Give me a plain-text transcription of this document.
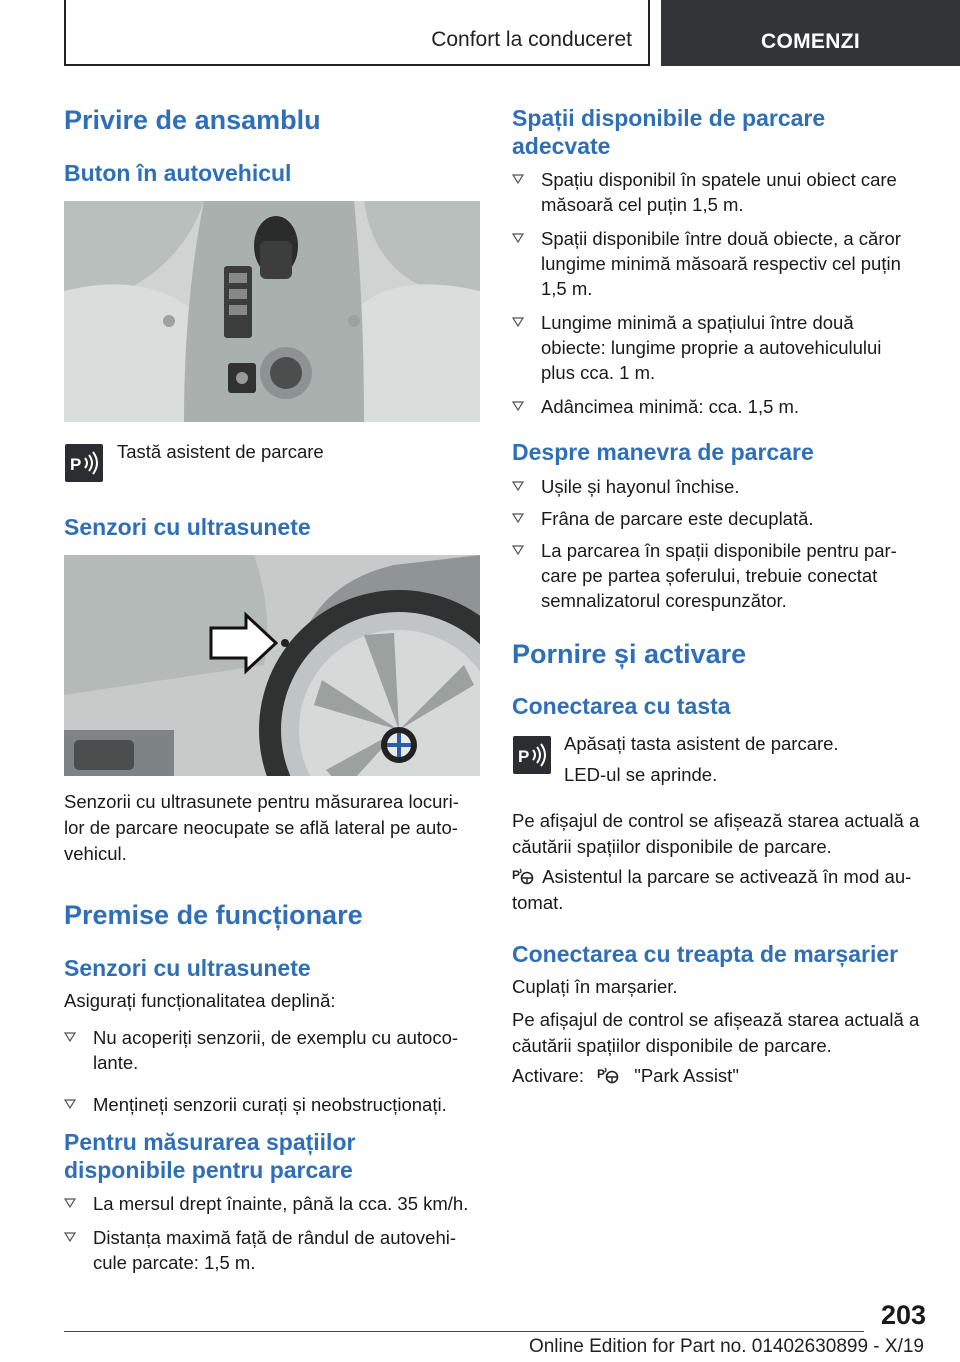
Confort la conduceret	COMENZI
Privire de ansamblu
Buton în autovehicul
P
Tastă asistent de parcare
Senzori cu ultrasunete
Senzorii cu ultrasunete pentru măsurarea locuri-
lor de parcare neocupate se află lateral pe auto-
vehicul.
Premise de funcționare
Senzori cu ultrasunete
Asigurați funcționalitatea deplină:
Nu acoperiți senzorii, de exemplu cu autoco-
lante.
Mențineți senzorii curați și neobstrucționați.
Pentru măsurarea spațiilor
disponibile pentru parcare
La mersul drept înainte, până la cca. 35 km/h.
Distanța maximă față de rândul de autovehi-
cule parcate: 1,5 m.
Spații disponibile de parcare
adecvate
Spațiu disponibil în spatele unui obiect care
măsoară cel puțin 1,5 m.
Spații disponibile între două obiecte, a căror
lungime minimă măsoară respectiv cel puțin
1,5 m.
Lungime minimă a spațiului între două
obiecte: lungime proprie a autovehiculului
plus cca. 1 m.
Adâncimea minimă: cca. 1,5 m.
Despre manevra de parcare
Ușile și hayonul închise.
Frâna de parcare este decuplată.
La parcarea în spații disponibile pentru par-
care pe partea șoferului, trebuie conectat
semnalizatorul corespunzător.
Pornire și activare
Conectarea cu tasta
P
Apăsați tasta asistent de parcare.
LED-ul se aprinde.
Pe afișajul de control se afișează starea actuală a
căutării spațiilor disponibile de parcare.
P Asistentul la parcare se activează în mod au-
tomat.
Conectarea cu treapta de marșarier
Cuplați în marșarier.
Pe afișajul de control se afișează starea actuală a
căutării spațiilor disponibile de parcare.
Activare: P "Park Assist"
203
Online Edition for Part no. 01402630899 - X/19
